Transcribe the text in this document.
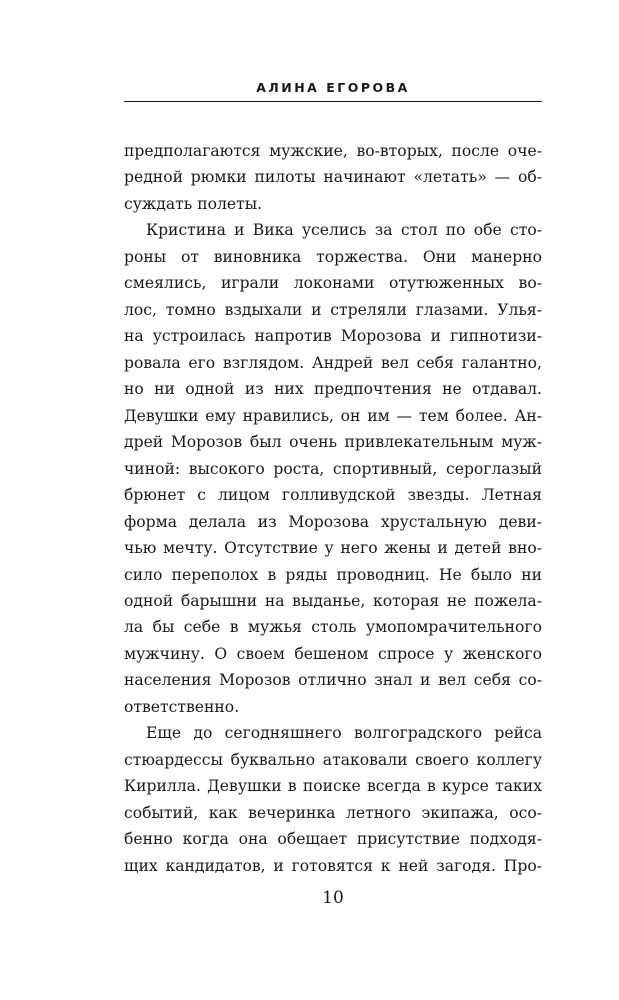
АЛИНА ЕГОРОВА
предполагаются мужские, во-вторых, после оче-
редной рюмки пилоты начинают «летать» — об-
суждать полеты.
Кристина и Вика уселись за стол по обе сто-
роны от виновника торжества. Они манерно
смеялись, играли локонами отутюженных во-
лос, томно вздыхали и стреляли глазами. Улья-
на устроилась напротив Морозова и гипнотизи-
ровала его взглядом. Андрей вел себя галантно,
но ни одной из них предпочтения не отдавал.
Девушки ему нравились, он им — тем более. Ан-
дрей Морозов был очень привлекательным муж-
чиной: высокого роста, спортивный, сероглазый
брюнет с лицом голливудской звезды. Летная
форма делала из Морозова хрустальную деви-
чью мечту. Отсутствие у него жены и детей вно-
сило переполох в ряды проводниц. Не было ни
одной барышни на выданье, которая не пожела-
ла бы себе в мужья столь умопомрачительного
мужчину. О своем бешеном спросе у женского
населения Морозов отлично знал и вел себя со-
ответственно.
Еще до сегодняшнего волгоградского рейса
стюардессы буквально атаковали своего коллегу
Кирилла. Девушки в поиске всегда в курсе таких
событий, как вечеринка летного экипажа, осо-
бенно когда она обещает присутствие подходя-
щих кандидатов, и готовятся к ней загодя. Про-
10
